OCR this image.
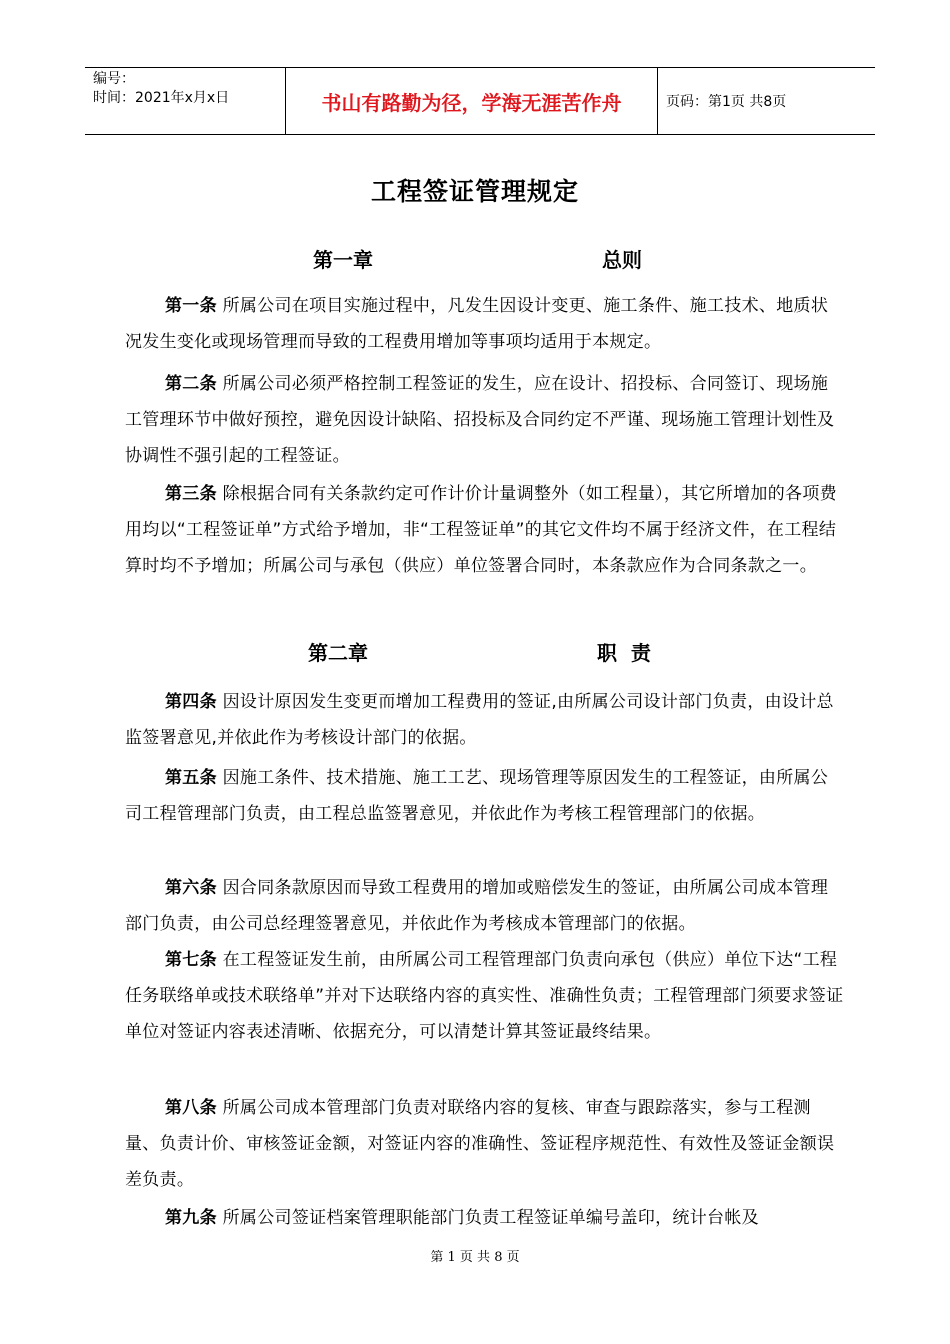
编号：
时间：2021年x月x日	书山有路勤为径，学海无涯苦作舟	页码：第1页 共8页
工程签证管理规定
第一章	总则
第一条 所属公司在项目实施过程中，凡发生因设计变更、施工条件、施工技术、地质状况发生变化或现场管理而导致的工程费用增加等事项均适用于本规定。
第二条 所属公司必须严格控制工程签证的发生，应在设计、招投标、合同签订、现场施工管理环节中做好预控，避免因设计缺陷、招投标及合同约定不严谨、现场施工管理计划性及协调性不强引起的工程签证。
第三条 除根据合同有关条款约定可作计价计量调整外（如工程量），其它所增加的各项费用均以“工程签证单”方式给予增加，非“工程签证单”的其它文件均不属于经济文件，在工程结算时均不予增加；所属公司与承包（供应）单位签署合同时，本条款应作为合同条款之一。
第二章	职  责
第四条 因设计原因发生变更而增加工程费用的签证,由所属公司设计部门负责，由设计总监签署意见,并依此作为考核设计部门的依据。
第五条 因施工条件、技术措施、施工工艺、现场管理等原因发生的工程签证，由所属公司工程管理部门负责，由工程总监签署意见，并依此作为考核工程管理部门的依据。
第六条 因合同条款原因而导致工程费用的增加或赔偿发生的签证，由所属公司成本管理部门负责，由公司总经理签署意见，并依此作为考核成本管理部门的依据。
第七条 在工程签证发生前，由所属公司工程管理部门负责向承包（供应）单位下达“工程任务联络单或技术联络单”并对下达联络内容的真实性、准确性负责；工程管理部门须要求签证单位对签证内容表述清晰、依据充分，可以清楚计算其签证最终结果。
第八条 所属公司成本管理部门负责对联络内容的复核、审查与跟踪落实，参与工程测量、负责计价、审核签证金额，对签证内容的准确性、签证程序规范性、有效性及签证金额误差负责。
第九条 所属公司签证档案管理职能部门负责工程签证单编号盖印，统计台帐及
第 1 页 共 8 页
